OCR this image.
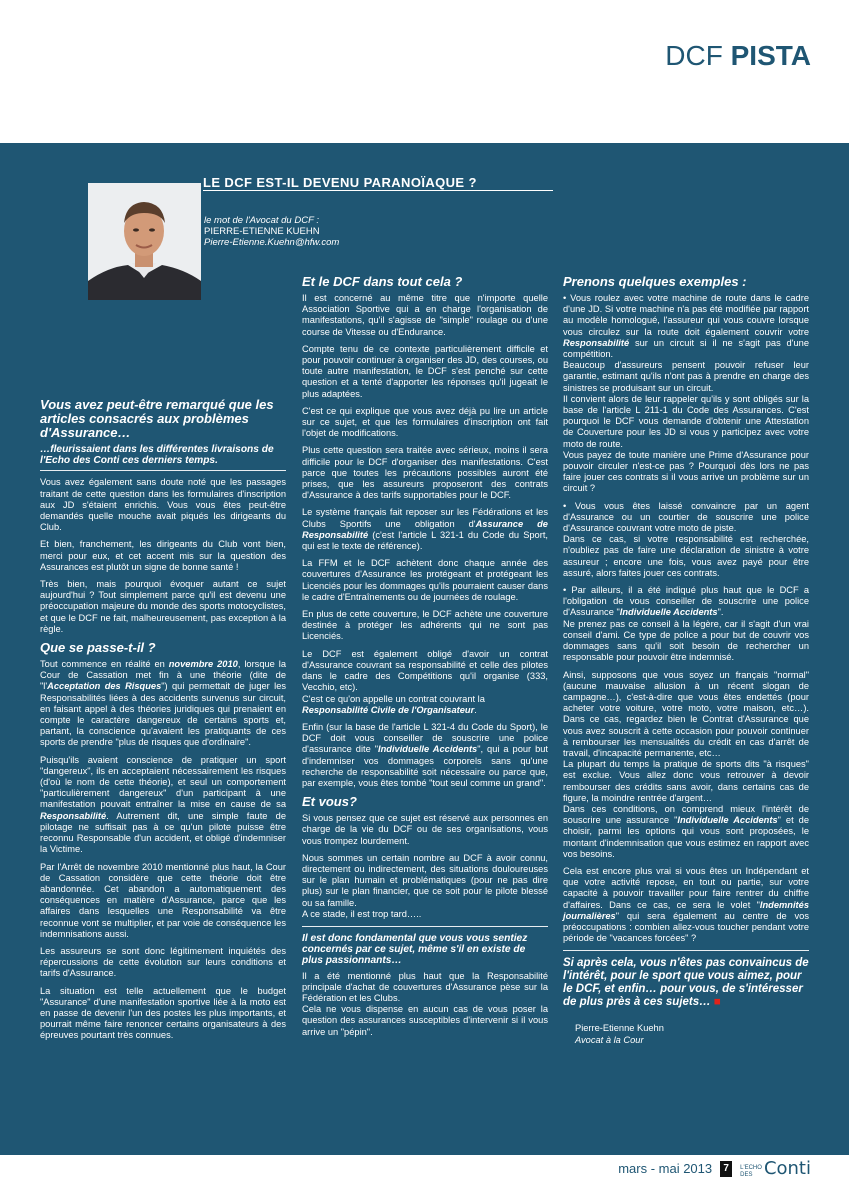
DCF PISTA
LE DCF EST-IL DEVENU PARANOÏAQUE ?
le mot de l'Avocat du DCF :
PIERRE-ETIENNE KUEHN
Pierre-Etienne.Kuehn@hfw.com
Vous avez peut-être remarqué que les articles consacrés aux problèmes d'Assurance…
…fleurissaient dans les différentes livraisons de l'Echo des Conti ces derniers temps.

Vous avez également sans doute noté que les passages traitant de cette question dans les formulaires d'inscription aux JD s'étaient enrichis. Vous vous êtes peut-être demandés quelle mouche avait piqués les dirigeants du Club.

Et bien, franchement, les dirigeants du Club vont bien, merci pour eux, et cet accent mis sur la question des Assurances est plutôt un signe de bonne santé !

Très bien, mais pourquoi évoquer autant ce sujet aujourd'hui ? Tout simplement parce qu'il est devenu une préoccupation majeure du monde des sports motocyclistes, et que le DCF ne fait, malheureusement, pas exception à la règle.

Que se passe-t-il ?

Tout commence en réalité en novembre 2010, lorsque la Cour de Cassation met fin à une théorie (dite de "l'Acceptation des Risques") qui permettait de juger les Responsabilités liées à des accidents survenus sur circuit, en faisant appel à des théories juridiques qui prenaient en compte le caractère dangereux de certains sports et, partant, la conscience qu'avaient les pratiquants de ces sports de prendre "plus de risques que d'ordinaire".

Puisqu'ils avaient conscience de pratiquer un sport "dangereux", ils en acceptaient nécessairement les risques (d'où le nom de cette théorie), et seul un comportement "particulièrement dangereux" d'un participant à une manifestation pouvait entraîner la mise en cause de sa Responsabilité. Autrement dit, une simple faute de pilotage ne suffisait pas à ce qu'un pilote puisse être reconnu Responsable d'un accident, et obligé d'indemniser la Victime.

Par l'Arrêt de novembre 2010 mentionné plus haut, la Cour de Cassation considère que cette théorie doit être abandonnée. Cet abandon a automatiquement des conséquences en matière d'Assurance, parce que les affaires dans lesquelles une Responsabilité va être reconnue vont se multiplier, et par voie de conséquence les indemnisations aussi.

Les assureurs se sont donc légitimement inquiétés des répercussions de cette évolution sur leurs conditions et tarifs d'Assurance.

La situation est telle actuellement que le budget "Assurance" d'une manifestation sportive liée à la moto est en passe de devenir l'un des postes les plus importants, et pourrait même faire renoncer certains organisateurs à des épreuves pourtant très connues.

Et le DCF dans tout cela ?

Il est concerné au même titre que n'importe quelle Association Sportive qui a en charge l'organisation de manifestations, qu'il s'agisse de "simple" roulage ou d'une course de Vitesse ou d'Endurance.

Compte tenu de ce contexte particulièrement difficile et pour pouvoir continuer à organiser des JD, des courses, ou toute autre manifestation, le DCF s'est penché sur cette question et a tenté d'apporter les réponses qu'il jugeait le plus adaptées.

C'est ce qui explique que vous avez déjà pu lire un article sur ce sujet, et que les formulaires d'inscription ont fait l'objet de modifications.

Plus cette question sera traitée avec sérieux, moins il sera difficile pour le DCF d'organiser des manifestations. C'est parce que toutes les précautions possibles auront été prises, que les assureurs proposeront des contrats d'Assurance à des tarifs supportables pour le DCF.

Le système français fait reposer sur les Fédérations et les Clubs Sportifs une obligation d'Assurance de Responsabilité (c'est l'article L 321-1 du Code du Sport, qui est le texte de référence).

La FFM et le DCF achètent donc chaque année des couvertures d'Assurance les protégeant et protégeant les Licenciés pour les dommages qu'ils pourraient causer dans le cadre d'Entraînements ou de journées de roulage.

En plus de cette couverture, le DCF achète une couverture destinée à protéger les adhérents qui ne sont pas Licenciés.

Le DCF est également obligé d'avoir un contrat d'Assurance couvrant sa responsabilité et celle des pilotes dans le cadre des Compétitions qu'il organise (333, Vecchio, etc).
C'est ce qu'on appelle un contrat couvrant la
Responsabilité Civile de l'Organisateur.

Enfin (sur la base de l'article L 321-4 du Code du Sport), le DCF doit vous conseiller de souscrire une police d'assurance dite "Individuelle Accidents", qui a pour but d'indemniser vos dommages corporels sans qu'une recherche de responsabilité soit nécessaire ou parce que, par exemple, vous êtes tombé "tout seul comme un grand".

Et vous?

Si vous pensez que ce sujet est réservé aux personnes en charge de la vie du DCF ou de ses organisations, vous vous trompez lourdement.

Nous sommes un certain nombre au DCF à avoir connu, directement ou indirectement, des situations douloureuses sur le plan humain et problématiques (pour ne pas dire plus) sur le plan financier, que ce soit pour le pilote blessé ou sa famille.
A ce stade, il est trop tard…..

Il est donc fondamental que vous vous sentiez concernés par ce sujet, même s'il en existe de plus passionnants…

Il a été mentionné plus haut que la Responsabilité principale d'achat de couvertures d'Assurance pèse sur la Fédération et les Clubs.
Cela ne vous dispense en aucun cas de vous poser la question des assurances susceptibles d'intervenir si il vous arrive un "pépin".

Prenons quelques exemples :

• Vous roulez avec votre machine de route dans le cadre d'une JD. Si votre machine n'a pas été modifiée par rapport au modèle homologué, l'assureur qui vous couvre lorsque vous circulez sur la route doit également couvrir votre Responsabilité sur un circuit si il ne s'agit pas d'une compétition.
Beaucoup d'assureurs pensent pouvoir refuser leur garantie, estimant qu'ils n'ont pas à prendre en charge des sinistres se produisant sur un circuit.
Il convient alors de leur rappeler qu'ils y sont obligés sur la base de l'article L 211-1 du Code des Assurances. C'est pourquoi le DCF vous demande d'obtenir une Attestation de Couverture pour les JD si vous y participez avec votre moto de route.
Vous payez de toute manière une Prime d'Assurance pour pouvoir circuler n'est-ce pas ? Pourquoi dès lors ne pas faire jouer ces contrats si il vous arrive un problème sur un circuit ?

• Vous vous êtes laissé convaincre par un agent d'Assurance ou un courtier de souscrire une police d'Assurance couvrant votre moto de piste.
Dans ce cas, si votre responsabilité est recherchée, n'oubliez pas de faire une déclaration de sinistre à votre assureur ; encore une fois, vous avez payé pour être assuré, alors faites jouer ces contrats.

• Par ailleurs, il a été indiqué plus haut que le DCF a l'obligation de vous conseiller de souscrire une police d'Assurance "Individuelle Accidents".
Ne prenez pas ce conseil à la légère, car il s'agit d'un vrai conseil d'ami. Ce type de police a pour but de couvrir vos dommages sans qu'il soit besoin de rechercher un responsable pour pouvoir être indemnisé.

Ainsi, supposons que vous soyez un français "normal" (aucune mauvaise allusion à un récent slogan de campagne…), c'est-à-dire que vous êtes endettés (pour acheter votre voiture, votre moto, votre maison, etc…). Dans ce cas, regardez bien le Contrat d'Assurance que vous avez souscrit à cette occasion pour pouvoir continuer à rembourser les mensualités du crédit en cas d'arrêt de travail, d'incapacité permanente, etc…
La plupart du temps la pratique de sports dits "à risques" est exclue. Vous allez donc vous retrouver à devoir rembourser des crédits sans avoir, dans certains cas de figure, la moindre rentrée d'argent…
Dans ces conditions, on comprend mieux l'intérêt de souscrire une assurance "Individuelle Accidents" et de choisir, parmi les options qui vous sont proposées, le montant d'indemnisation que vous estimez en rapport avec vos besoins.

Cela est encore plus vrai si vous êtes un Indépendant et que votre activité repose, en tout ou partie, sur votre capacité à pouvoir travailler pour faire rentrer du chiffre d'affaires. Dans ce cas, ce sera le volet "Indemnités journalières" qui sera également au centre de vos préoccupations : combien allez-vous toucher pendant votre période de "vacances forcées" ?

Si après cela, vous n'êtes pas convaincus de l'intérêt, pour le sport que vous aimez, pour le DCF, et enfin… pour vous, de s'intéresser de plus près à ces sujets… ■
Pierre-Etienne Kuehn
Avocat à la Cour
mars - mai 2013	7	L'ECHO
DES Conti
